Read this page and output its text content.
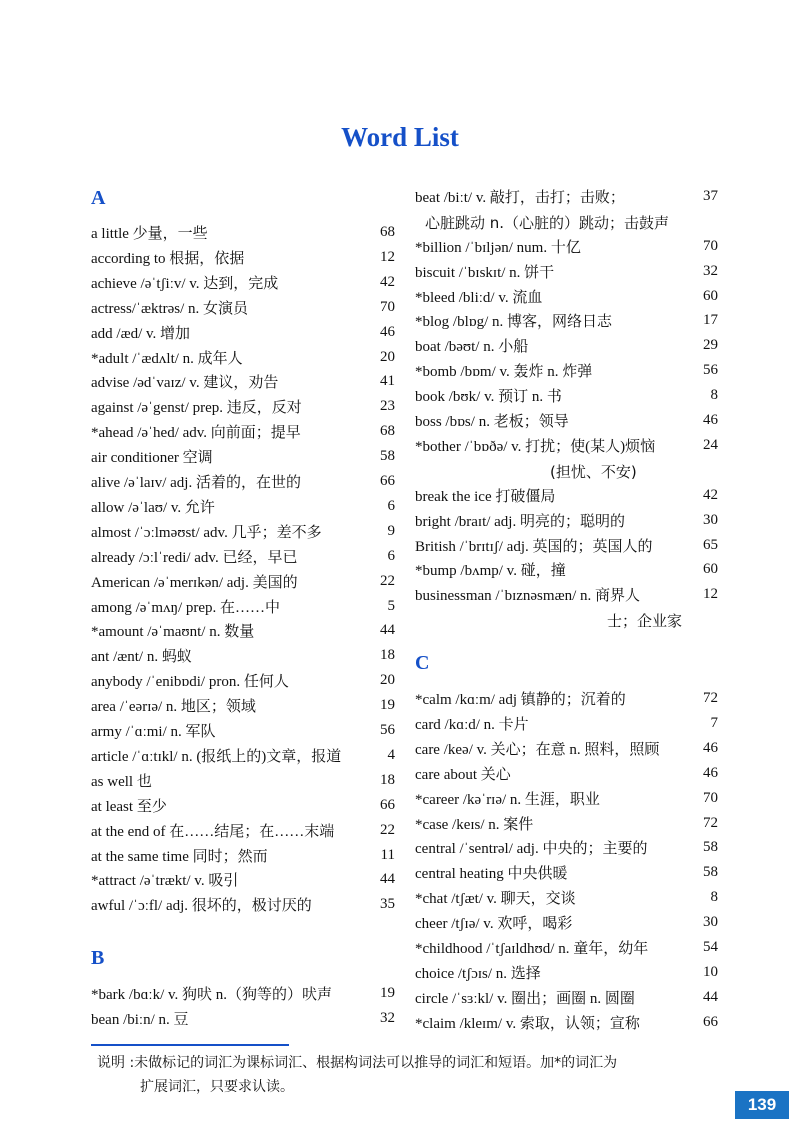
Word List
A
a little 少量，一些	68
according to 根据，依据	12
achieve /əˈtʃiːv/ v. 达到，完成	42
actress/ˈæktrəs/ n. 女演员	70
add /æd/ v. 增加	46
*adult /ˈædʌlt/ n. 成年人	20
advise /ədˈvaɪz/ v. 建议，劝告	41
against /əˈgenst/ prep. 违反，反对	23
*ahead /əˈhed/ adv. 向前面；提早	68
air conditioner 空调	58
alive /əˈlaɪv/ adj. 活着的，在世的	66
allow /əˈlaʊ/ v. 允许	6
almost /ˈɔːlməʊst/ adv. 几乎；差不多	9
already /ɔːlˈredi/ adv. 已经，早已	6
American /əˈmerɪkən/ adj. 美国的	22
among /əˈmʌŋ/ prep. 在……中	5
*amount /əˈmaʊnt/ n. 数量	44
ant /ænt/ n. 蚂蚁	18
anybody /ˈenibɒdi/ pron. 任何人	20
area /ˈeərɪə/ n. 地区；领域	19
army /ˈɑːmi/ n. 军队	56
article /ˈɑːtɪkl/ n. (报纸上的)文章，报道	4
as well 也	18
at least 至少	66
at the end of 在……结尾；在……末端	22
at the same time 同时；然而	11
*attract /əˈtrækt/ v. 吸引	44
awful /ˈɔːfl/ adj. 很坏的，极讨厌的	35
B
*bark /bɑːk/ v. 狗吠 n.（狗等的）吠声	19
bean /biːn/ n. 豆	32
beat /biːt/ v. 敲打，击打；击败；	37
心脏跳动 n.（心脏的）跳动；击鼓声
*billion /ˈbɪljən/ num. 十亿	70
biscuit /ˈbɪskɪt/ n. 饼干	32
*bleed /bliːd/ v. 流血	60
*blog /blɒg/ n. 博客，网络日志	17
boat /bəʊt/ n. 小船	29
*bomb /bɒm/ v. 轰炸 n. 炸弹	56
book /bʊk/ v. 预订 n. 书	8
boss /bɒs/ n. 老板；领导	46
*bother /ˈbɒðə/ v. 打扰；使(某人)烦恼	24
(担忧、不安)
break the ice 打破僵局	42
bright /braɪt/ adj. 明亮的；聪明的	30
British /ˈbrɪtɪʃ/ adj. 英国的；英国人的	65
*bump /bʌmp/ v. 碰，撞	60
businessman /ˈbɪznəsmæn/ n. 商界人	12
士；企业家
C
*calm /kɑːm/ adj 镇静的；沉着的	72
card /kɑːd/ n. 卡片	7
care /keə/ v. 关心；在意 n. 照料，照顾	46
care about 关心	46
*career /kəˈrɪə/ n. 生涯，职业	70
*case /keɪs/ n. 案件	72
central /ˈsentrəl/ adj. 中央的；主要的	58
central heating 中央供暖	58
*chat /tʃæt/ v. 聊天，交谈	8
cheer /tʃɪə/ v. 欢呼，喝彩	30
*childhood /ˈtʃaɪldhʊd/ n. 童年，幼年	54
choice /tʃɔɪs/ n. 选择	10
circle /ˈsɜːkl/ v. 圈出；画圈 n. 圆圈	44
*claim /kleɪm/ v. 索取，认领；宣称	66
说明 :未做标记的词汇为课标词汇、根据构词法可以推导的词汇和短语。加*的词汇为
扩展词汇，只要求认读。
139
